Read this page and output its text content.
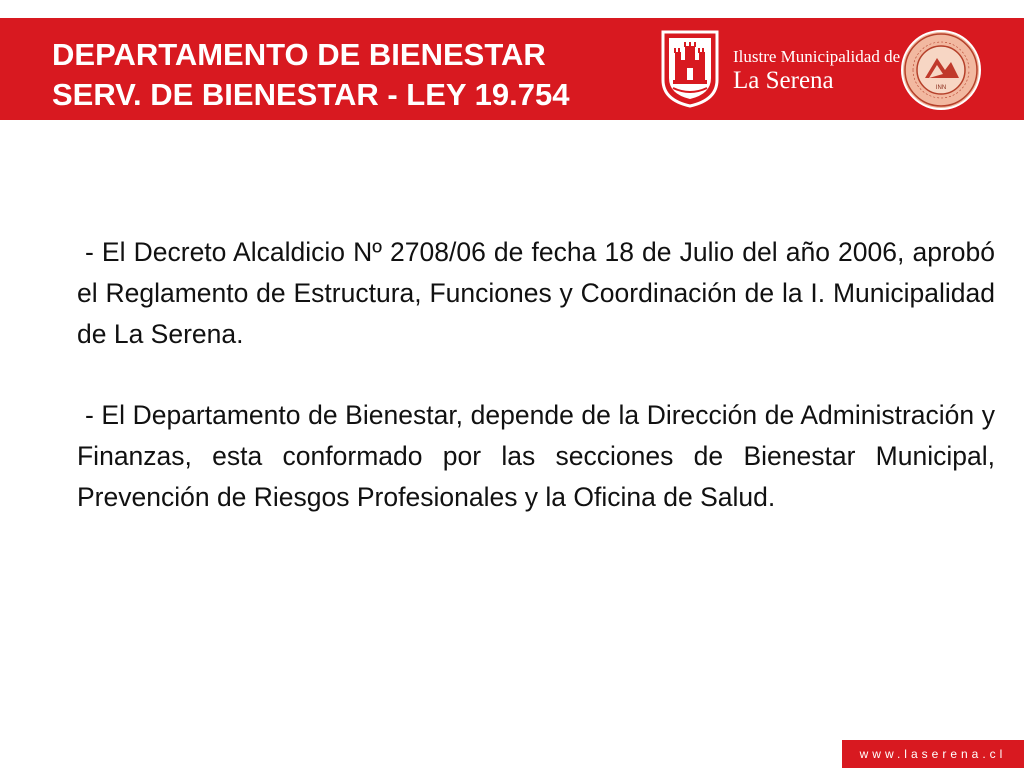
DEPARTAMENTO DE BIENESTAR
SERV. DE BIENESTAR - LEY 19.754
Ilustre Municipalidad de
La Serena	INN

- El Decreto Alcaldicio Nº 2708/06 de fecha 18 de Julio del año 2006, aprobó el Reglamento de Estructura, Funciones y Coordinación de la I. Municipalidad de La Serena.

- El Departamento de Bienestar, depende de la Dirección de Administración y Finanzas, esta conformado por las secciones de Bienestar Municipal, Prevención de Riesgos Profesionales y la Oficina de Salud.

www.laserena.cl
